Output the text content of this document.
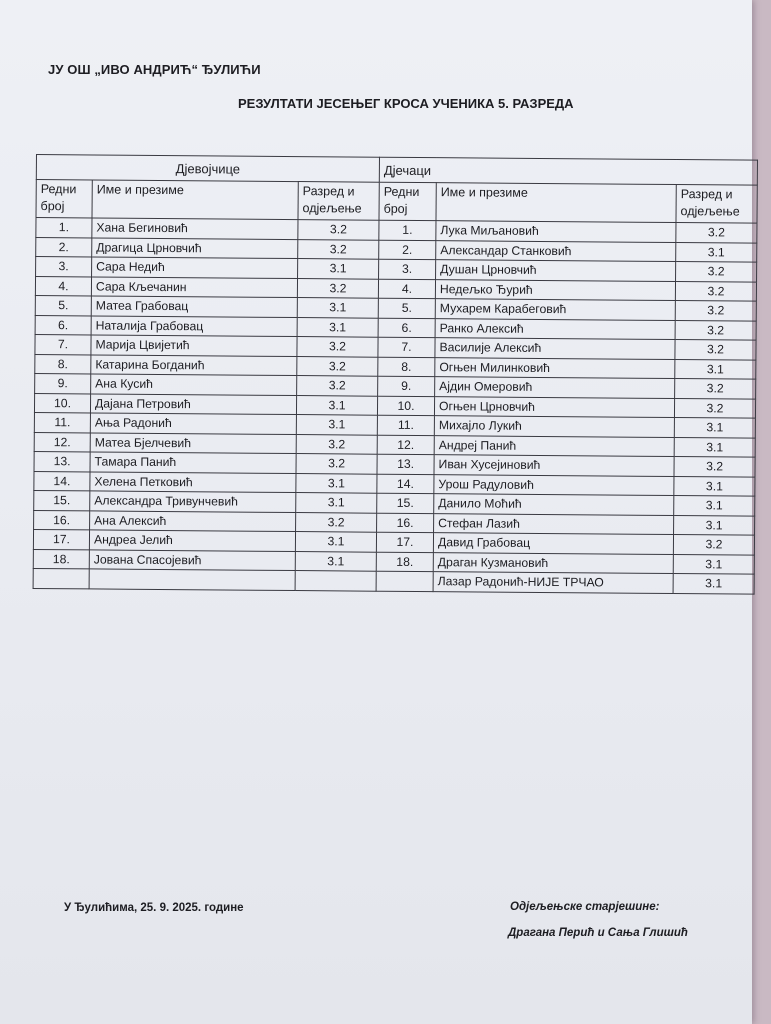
ЈУ ОШ „ИВО АНДРИЋ“ ЂУЛИЋИ
РЕЗУЛТАТИ ЈЕСЕЊЕГ КРОСА УЧЕНИКА 5. РАЗРЕДА
Дјевојчице			Дјечаци		
Редни број	Име и презиме	Разред и одјељење	Редни број	Име и презиме	Разред и одјељење
1.	Хана Бегиновић	3.2	1.	Лука Миљановић	3.2
2.	Драгица Црновчић	3.2	2.	Александар Станковић	3.1
3.	Сара Недић	3.1	3.	Душан Црновчић	3.2
4.	Сара Кљечанин	3.2	4.	Недељко Ђурић	3.2
5.	Матеа Грабовац	3.1	5.	Мухарем Карабеговић	3.2
6.	Наталија Грабовац	3.1	6.	Ранко Алексић	3.2
7.	Марија Цвијетић	3.2	7.	Василије Алексић	3.2
8.	Катарина Богданић	3.2	8.	Огњен Милинковић	3.1
9.	Ана Кусић	3.2	9.	Ајдин Омеровић	3.2
10.	Дајана Петровић	3.1	10.	Огњен Црновчић	3.2
11.	Ања Радонић	3.1	11.	Михајло Лукић	3.1
12.	Матеа Бјелчевић	3.2	12.	Андреј Панић	3.1
13.	Тамара Панић	3.2	13.	Иван Хусејиновић	3.2
14.	Хелена Петковић	3.1	14.	Урош Радуловић	3.1
15.	Александра Тривунчевић	3.1	15.	Данило Моћић	3.1
16.	Ана Алексић	3.2	16.	Стефан Лазић	3.1
17.	Андреа Јелић	3.1	17.	Давид Грабовац	3.2
18.	Јована Спасојевић	3.1	18.	Драган Кузмановић	3.1
				Лазар Радонић-НИЈЕ ТРЧАО	3.1
У Ђулићима, 25. 9. 2025. године	Одјељењске старјешине:
Драгана Перић и Сања Глишић
